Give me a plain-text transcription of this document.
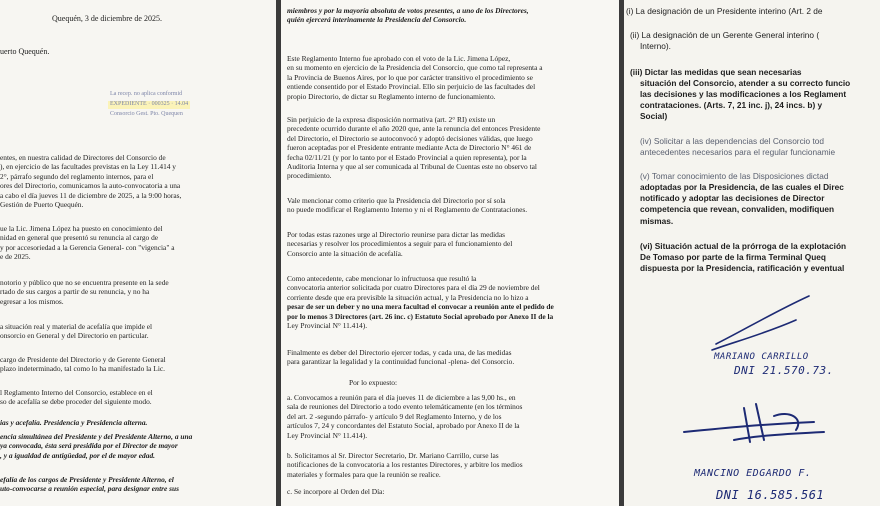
Quequén, 3 de diciembre de 2025.
uerto Quequén.
La recep. no aplica conformid
EXPEDIENTE · 000325 · 14.04
Consorcio Gest. Pto. Quequen
entes, en nuestra calidad de Directores del Consorcio de
), en ejercicio de las facultades previstas en la Ley 11.414 y
2°, párrafo segundo del reglamento internos, para el
ores del Directorio, comunicamos la auto-convocatoria a una
a cabo el día jueves 11 de diciembre de 2025, a la 9:00 horas,
Gestión de Puerto Quequén.
ue la Lic. Jimena López ha puesto en conocimiento del
nidad en general que presentó su renuncia al cargo de
y por accesoriedad a la Gerencia General- con "vigencia" a
e de 2025.
notorio y público que no se encuentra presente en la sede
rtado de sus cargos a partir de su renuncia, y no ha
egresar a los mismos.
a situación real y material de acefalía que impide el
onsorcio en General y del Directorio en particular.
cargo de Presidente del Directorio y de Gerente General
plazo indeterminado, tal como lo ha manifestado la Lic.
l Reglamento Interno del Consorcio, establece en el
so de acefalía se debe proceder del siguiente modo.
ias y acefalía. Presidencia y Presidencia alterna.
encia simultánea del Presidente y del Presidente Alterno, a una
ya convocada, ésta será presidida por el Director de mayor
, y a igualdad de antigüedad, por el de mayor edad.
efalía de los cargos de Presidente y Presidente Alterno, el
uto-convocarse a reunión especial, para designar entre sus
miembros y por la mayoría absoluta de votos presentes, a uno de los Directores,
quién ejercerá interinamente la Presidencia del Consorcio.
Este Reglamento Interno fue aprobado con el voto de la Lic. Jimena López,
en su momento en ejercicio de la Presidencia del Consorcio, que como tal representa a
la Provincia de Buenos Aires, por lo que por carácter transitivo el procedimiento se
entiende consentido por el Estado Provincial. Ello sin perjuicio de las facultades del
propio Directorio, de dictar su Reglamento interno de funcionamiento.
Sin perjuicio de la expresa disposición normativa (art. 2° RI) existe un
precedente ocurrido durante el año 2020 que, ante la renuncia del entonces Presidente
del Directorio, el Directorio se autoconvocó y adoptó decisiones válidas, que luego
fueron aceptadas por el Presidente entrante mediante Acta de Directorio N° 461 de
fecha 02/11/21 (y por lo tanto por el Estado Provincial a quien representa), por la
Auditoria Interna y que al ser comunicada al Tribunal de Cuentas este no observo tal
procedimiento.
Vale mencionar como criterio que la Presidencia del Directorio por sí sola
no puede modificar el Reglamento Interno y ni el Reglamento de Contrataciones.
Por todas estas razones urge al Directorio reunirse para dictar las medidas
necesarias y resolver los procedimientos a seguir para el funcionamiento del
Consorcio ante la situación de acefalía.
Como antecedente, cabe mencionar lo infructuosa que resultó la
convocatoria anterior solicitada por cuatro Directores para el día 29 de noviembre del
corriente desde que era previsible la situación actual, y la Presidencia no lo hizo a
pesar de ser un deber y no una mera facultad el convocar a reunión ante el pedido de
por lo menos 3 Directores (art. 26 inc. c) Estatuto Social aprobado por Anexo II de la
Ley Provincial N° 11.414).
Finalmente es deber del Directorio ejercer todas, y cada una, de las medidas
para garantizar la legalidad y la continuidad funcional -plena- del Consorcio.
Por lo expuesto:
a. Convocamos a reunión para el día jueves 11 de diciembre a las 9,00 hs., en
sala de reuniones del Directorio a todo evento telemáticamente (en los términos
del art. 2 -segundo párrafo- y artículo 9 del Reglamento Interno, y de los
artículos 7, 24 y concordantes del Estatuto Social, aprobado por Anexo II de la
Ley Provincial N° 11.414).
b. Solicitamos al Sr. Director Secretario, Dr. Mariano Carrillo, curse las
notificaciones de la convocatoria a los restantes Directores, y arbitre los medios
materiales y formales para que la reunión se realice.
c. Se incorpore al Orden del Día:
(i) La designación de un Presidente interino (Art. 2 de
(ii) La designación de un Gerente General interino (
Interno).
(iii) Dictar las medidas que sean necesarias
situación del Consorcio, atender a su correcto funcio
las decisiones y las modificaciones a los Reglament
contrataciones. (Arts. 7, 21 inc. j), 24 incs. b) y
Social)
(iv) Solicitar a las dependencias del Consorcio tod
antecedentes necesarios para el regular funcionamie
(v) Tomar conocimiento de las Disposiciones dictad
adoptadas por la Presidencia, de las cuales el Direc
notificado y adoptar las decisiones de Director
competencia que revean, convaliden, modifiquen
mismas.
(vi) Situación actual de la prórroga de la explotación
De Tomaso por parte de la firma Terminal Queq
dispuesta por la Presidencia, ratificación y eventual
MARIANO CARRILLO
DNI 21.570.73.
MANCINO EDGARDO F.
DNI 16.585.561
